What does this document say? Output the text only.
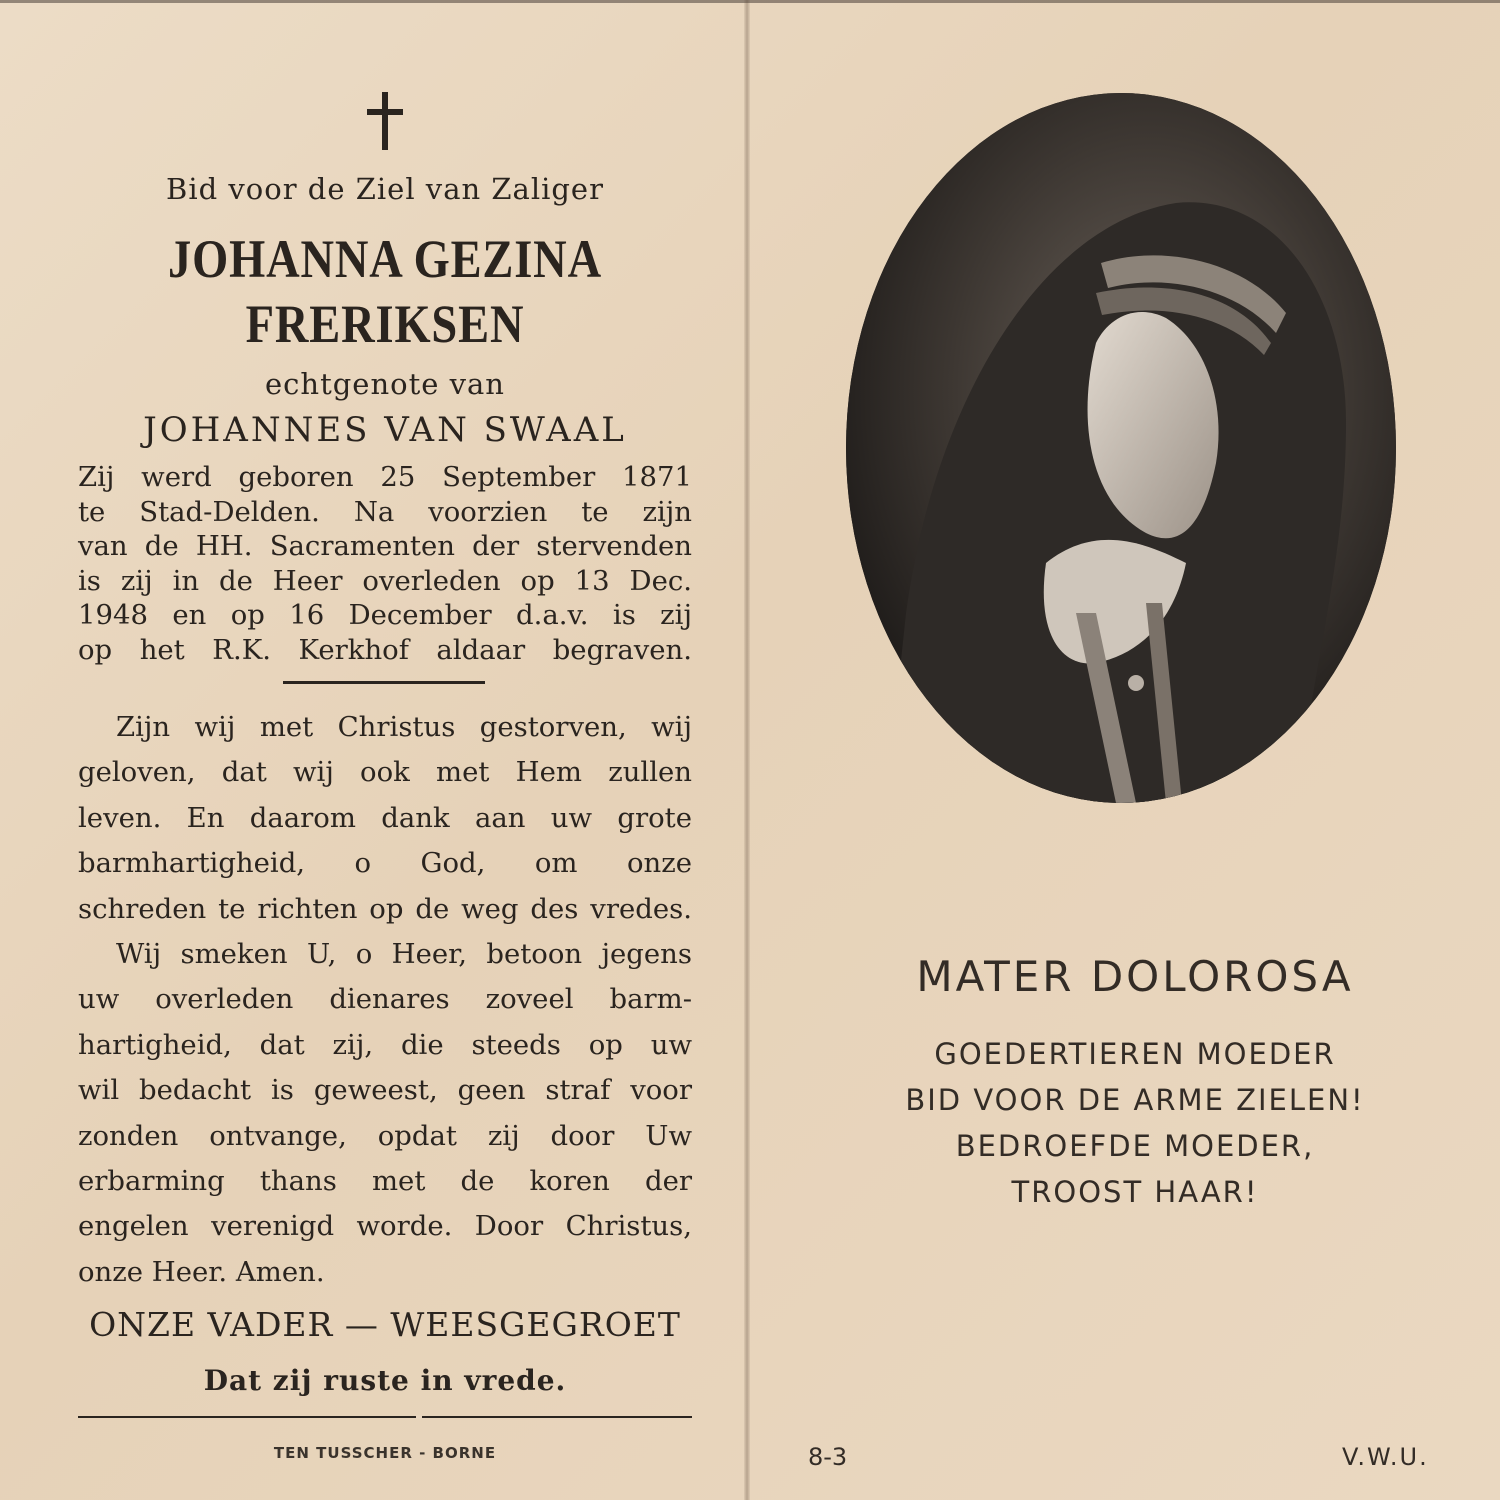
Bid voor de Ziel van Zaliger
JOHANNA GEZINA
FRERIKSEN
echtgenote van
JOHANNES VAN SWAAL
Zij werd geboren 25 September 1871
te Stad-Delden. Na voorzien te zijn
van de HH. Sacramenten der stervenden
is zij in de Heer overleden op 13 Dec.
1948 en op 16 December d.a.v. is zij
op het R.K. Kerkhof aldaar begraven.
Zijn wij met Christus gestorven, wij
geloven, dat wij ook met Hem zullen
leven. En daarom dank aan uw grote
barmhartigheid, o God, om onze
schreden te richten op de weg des vredes.
Wij smeken U, o Heer, betoon jegens
uw overleden dienares zoveel barm-
hartigheid, dat zij, die steeds op uw
wil bedacht is geweest, geen straf voor
zonden ontvange, opdat zij door Uw
erbarming thans met de koren der
engelen verenigd worde. Door Christus,
onze Heer. Amen.
ONZE VADER — WEESGEGROET
Dat zij ruste in vrede.
TEN TUSSCHER - BORNE
MATER DOLOROSA
GOEDERTIEREN MOEDER
BID VOOR DE ARME ZIELEN!
BEDROEFDE MOEDER,
TROOST HAAR!
8-3	V.W.U.
